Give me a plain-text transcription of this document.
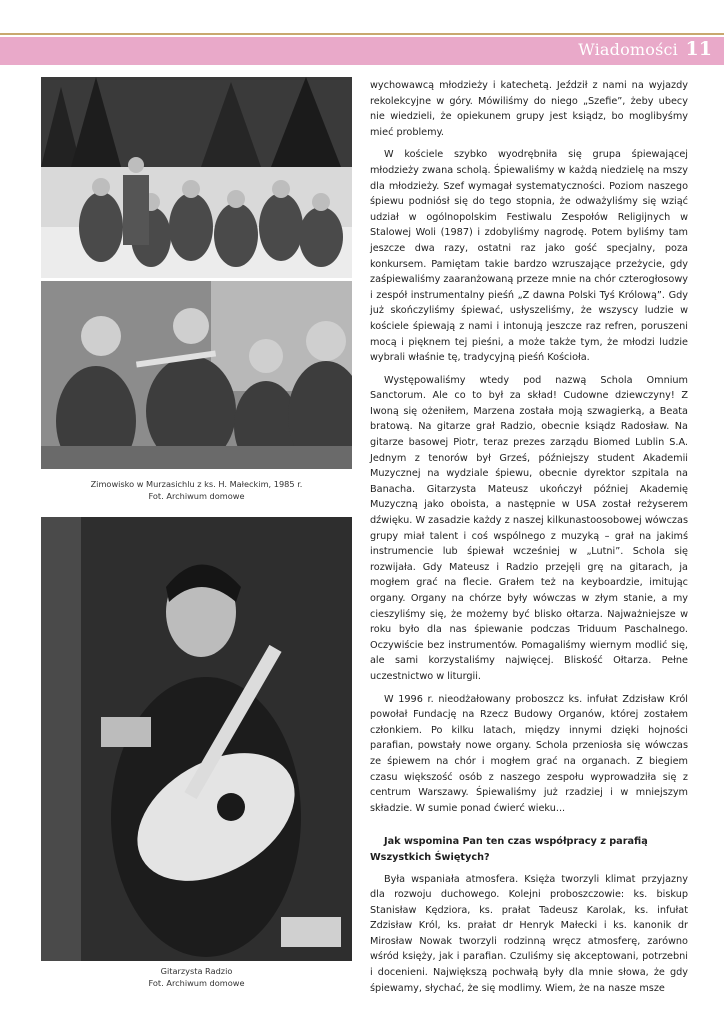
Wiadomości 11
Zimowisko w Murzasichlu z ks. H. Małeckim, 1985 r.
Fot. Archiwum domowe
Gitarzysta Radzio
Fot. Archiwum domowe

wychowawcą młodzieży i katechetą. Jeździł z nami na wyjazdy rekolekcyjne w góry. Mówiliśmy do niego „Szefie”, żeby ubecy nie wiedzieli, że opiekunem grupy jest ksiądz, bo moglibyśmy mieć problemy.

W kościele szybko wyodrębniła się grupa śpiewającej młodzieży zwana scholą. Śpiewaliśmy w każdą niedzielę na mszy dla młodzieży. Szef wymagał systematyczności. Poziom naszego śpiewu podniósł się do tego stopnia, że odważyliśmy się wziąć udział w ogólnopolskim Festiwalu Zespołów Religijnych w Stalowej Woli (1987) i zdobyliśmy nagrodę. Potem byliśmy tam jeszcze dwa razy, ostatni raz jako gość specjalny, poza konkursem. Pamiętam takie bardzo wzruszające przeżycie, gdy zaśpiewaliśmy zaaranżowaną przeze mnie na chór czterogłosowy i zespół instrumentalny pieśń „Z dawna Polski Tyś Królową”. Gdy już skończyliśmy śpiewać, usłyszeliśmy, że wszyscy ludzie w kościele śpiewają z nami i intonują jeszcze raz refren, poruszeni mocą i pięknem tej pieśni, a może także tym, że młodzi ludzie wybrali właśnie tę, tradycyjną pieśń Kościoła.

Występowaliśmy wtedy pod nazwą Schola Omnium Sanctorum. Ale co to był za skład! Cudowne dziewczyny! Z Iwoną się ożeniłem, Marzena została moją szwagierką, a Beata bratową. Na gitarze grał Radzio, obecnie ksiądz Radosław. Na gitarze basowej Piotr, teraz prezes zarządu Biomed Lublin S.A. Jednym z tenorów był Grześ, późniejszy student Akademii Muzycznej na wydziale śpiewu, obecnie dyrektor szpitala na Banacha. Gitarzysta Mateusz ukończył później Akademię Muzyczną jako oboista, a następnie w USA został reżyserem dźwięku. W zasadzie każdy z naszej kilkunastoosobowej wówczas grupy miał talent i coś wspólnego z muzyką – grał na jakimś instrumencie lub śpiewał wcześniej w „Lutni”. Schola się rozwijała. Gdy Mateusz i Radzio przejęli grę na gitarach, ja mogłem grać na flecie. Grałem też na keyboardzie, imitując organy. Organy na chórze były wówczas w złym stanie, a my cieszyliśmy się, że możemy być blisko ołtarza. Najważniejsze w roku było dla nas śpiewanie podczas Triduum Paschalnego. Oczywiście bez instrumentów. Pomagaliśmy wiernym modlić się, ale sami korzystaliśmy najwięcej. Bliskość Ołtarza. Pełne uczestnictwo w liturgii.

W 1996 r. nieodżałowany proboszcz ks. infułat Zdzisław Król powołał Fundację na Rzecz Budowy Organów, której zostałem członkiem. Po kilku latach, między innymi dzięki hojności parafian, powstały nowe organy. Schola przeniosła się wówczas ze śpiewem na chór i mogłem grać na organach. Z biegiem czasu większość osób z naszego zespołu wyprowadziła się z centrum Warszawy. Śpiewaliśmy już rzadziej i w mniejszym składzie. W sumie ponad ćwierć wieku...

Jak wspomina Pan ten czas współpracy z parafią Wszystkich Świętych?

Była wspaniała atmosfera. Księża tworzyli klimat przyjazny dla rozwoju duchowego. Kolejni proboszczowie: ks. biskup Stanisław Kędziora, ks. prałat Tadeusz Karolak, ks. infułat Zdzisław Król, ks. prałat dr Henryk Małecki i ks. kanonik dr Mirosław Nowak tworzyli rodzinną wręcz atmosferę, zarówno wśród księży, jak i parafian. Czuliśmy się akceptowani, potrzebni i docenieni. Największą pochwałą były dla mnie słowa, że gdy śpiewamy, słychać, że się modlimy. Wiem, że na nasze msze
